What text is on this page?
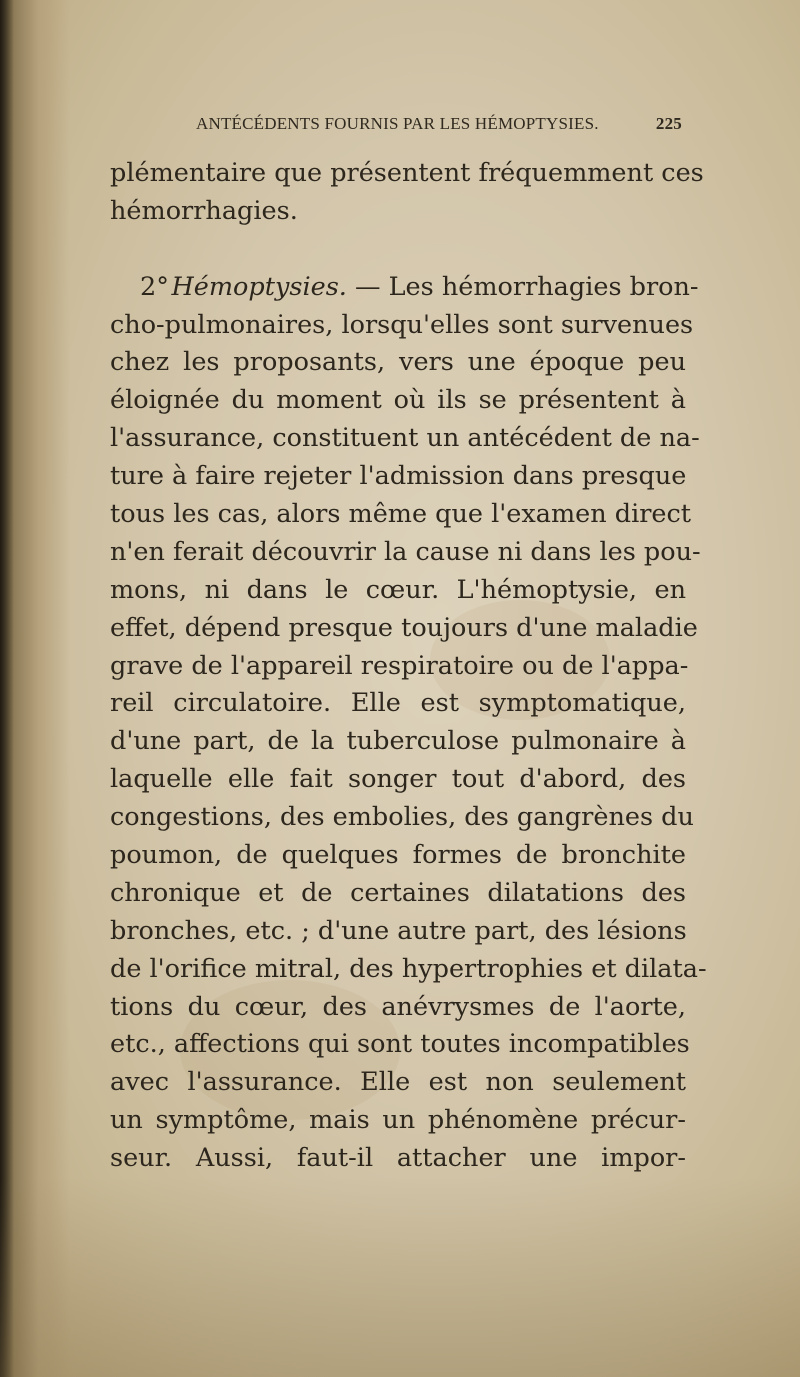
ANTÉCÉDENTS FOURNIS PAR LES HÉMOPTYSIES.	225
plémentaire que présentent fréquemment ces
hémorrhagies.
2° Hémoptysies. — Les hémorrhagies bron-
cho-pulmonaires, lorsqu'elles sont survenues
chez les proposants, vers une époque peu
éloignée du moment où ils se présentent à
l'assurance, constituent un antécédent de na-
ture à faire rejeter l'admission dans presque
tous les cas, alors même que l'examen direct
n'en ferait découvrir la cause ni dans les pou-
mons, ni dans le cœur. L'hémoptysie, en
effet, dépend presque toujours d'une maladie
grave de l'appareil respiratoire ou de l'appa-
reil circulatoire. Elle est symptomatique,
d'une part, de la tuberculose pulmonaire à
laquelle elle fait songer tout d'abord, des
congestions, des embolies, des gangrènes du
poumon, de quelques formes de bronchite
chronique et de certaines dilatations des
bronches, etc. ; d'une autre part, des lésions
de l'orifice mitral, des hypertrophies et dilata-
tions du cœur, des anévrysmes de l'aorte,
etc., affections qui sont toutes incompatibles
avec l'assurance. Elle est non seulement
un symptôme, mais un phénomène précur-
seur. Aussi, faut-il attacher une impor-
